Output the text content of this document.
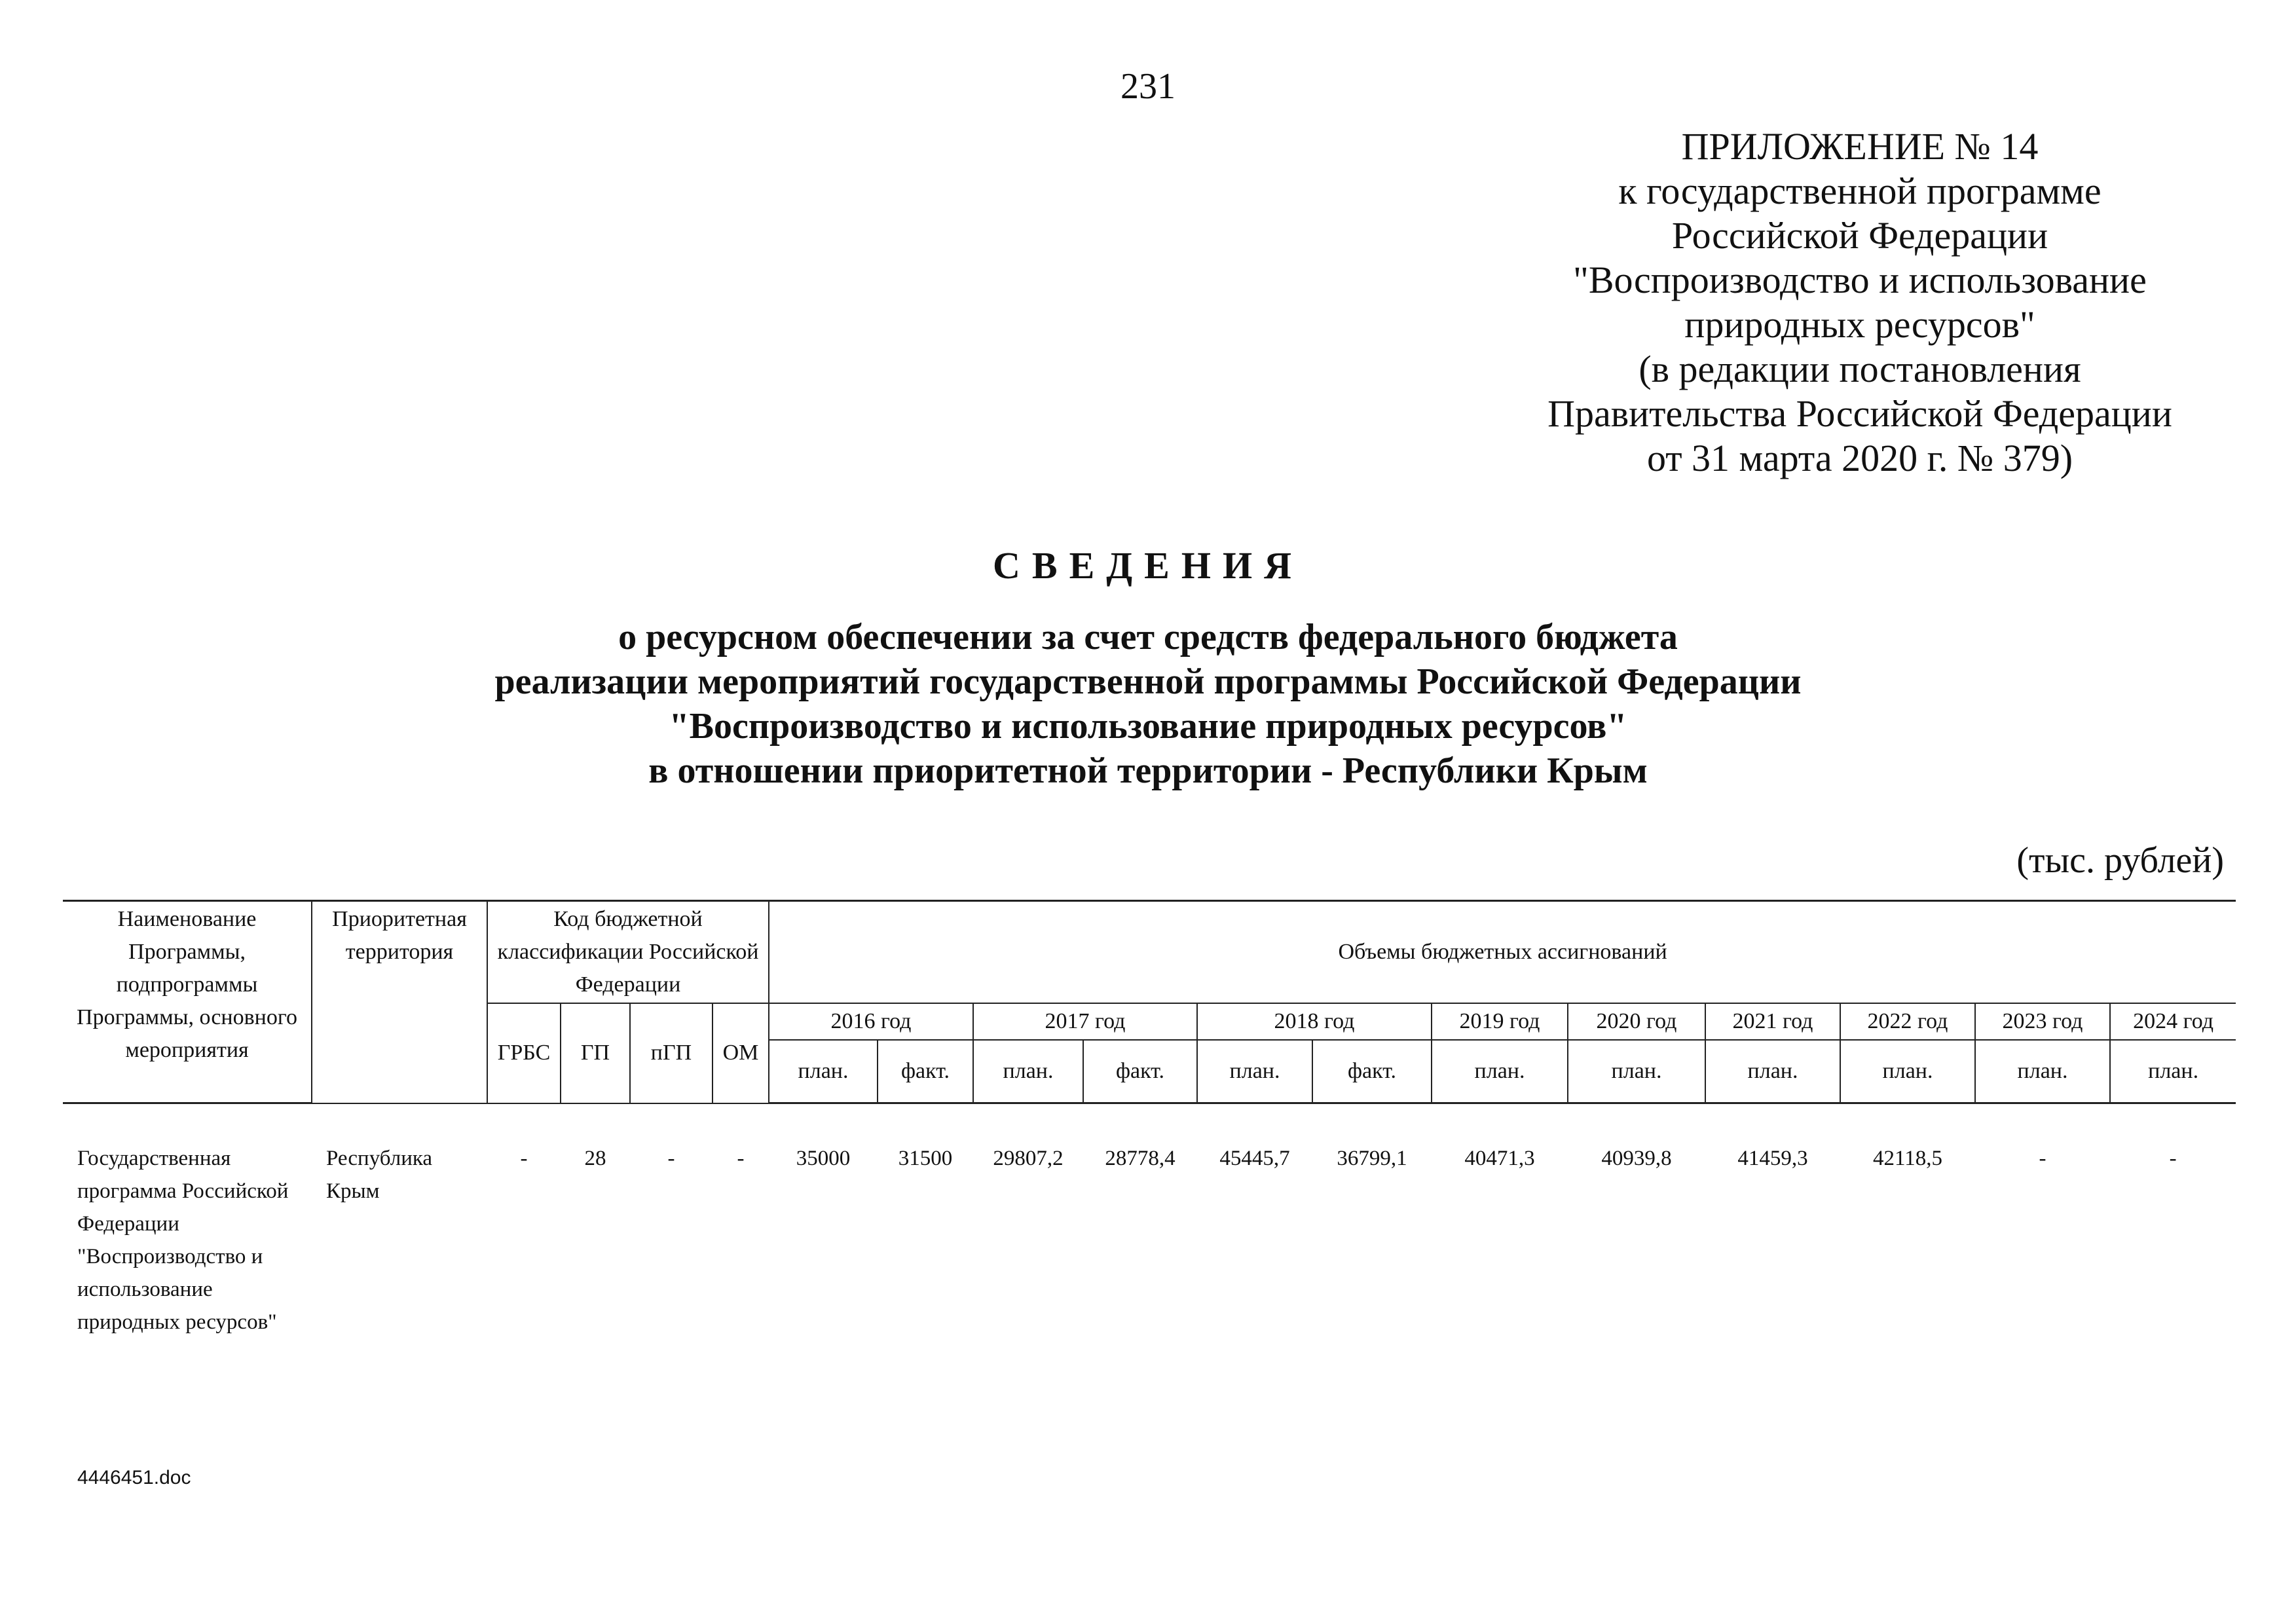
231
ПРИЛОЖЕНИЕ № 14
к государственной программе
Российской Федерации
"Воспроизводство и использование
природных ресурсов"
(в редакции постановления
Правительства Российской Федерации
от 31 марта 2020 г. № 379)
СВЕДЕНИЯ
о ресурсном обеспечении за счет средств федерального бюджета
реализации мероприятий государственной программы Российской Федерации
"Воспроизводство и использование природных ресурсов"
в отношении приоритетной территории - Республики Крым
(тыс. рублей)
Наименование Программы, подпрограммы Программы, основного мероприятия	Приоритетная территория	Код бюджетной классификации Российской Федерации				Объемы бюджетных ассигнований											
		ГРБС	ГП	пГП	ОМ	2016 год		2017 год		2018 год		2019 год	2020 год	2021 год	2022 год	2023 год	2024 год
						план.	факт.	план.	факт.	план.	факт.	план.	план.	план.	план.	план.	план.
Государственная программа Российской Федерации "Воспроизводство и использование природных ресурсов"	Республика Крым	-	28	-	-	35000	31500	29807,2	28778,4	45445,7	36799,1	40471,3	40939,8	41459,3	42118,5	-	-
4446451.doc
